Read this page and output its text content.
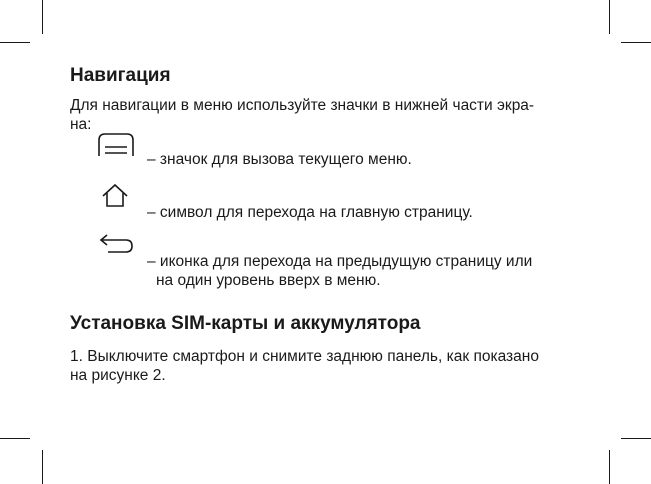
Навигация

Для навигации в меню используйте значки в нижней части экра-
на:

– значок для вызова текущего меню.
– символ для перехода на главную страницу.
– иконка для перехода на предыдущую страницу или
на один уровень вверх в меню.
Установка SIM-карты и аккумулятора

1. Выключите смартфон и снимите заднюю панель, как показано
на рисунке 2.
